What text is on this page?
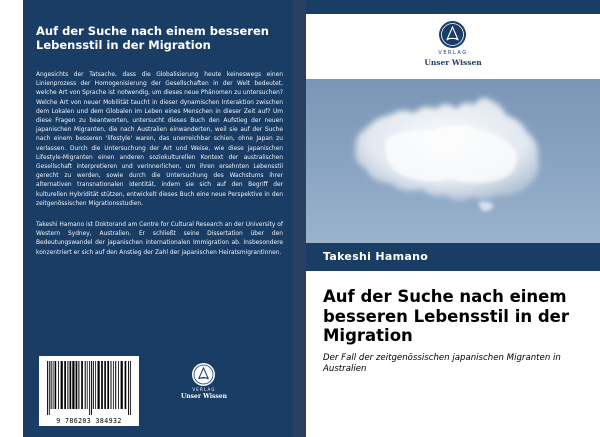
Auf der Suche nach einem besseren Lebensstil in der Migration

Angesichts der Tatsache, dass die Globalisierung heute keineswegs einen Linienprozess der Homogenisierung der Gesellschaften in der Welt bedeutet, welche Art von Sprache ist notwendig, um dieses neue Phänomen zu untersuchen? Welche Art von neuer Mobilität taucht in dieser dynamischen Interaktion zwischen dem Lokalen und dem Globalen im Leben eines Menschen in dieser Zeit auf? Um diese Fragen zu beantworten, untersucht dieses Buch den Aufstieg der neuen japanischen Migranten, die nach Australien einwanderten, weil sie auf der Suche nach einem besseren 'lifestyle' waren, das unerreichbar schien, ohne Japan zu verlassen. Durch die Untersuchung der Art und Weise, wie diese japanischen Lifestyle-Migranten einen anderen soziokulturellen Kontext der australischen Gesellschaft interpretieren und verinnerlichen, um ihren ersehnten Lebensstil gerecht zu werden, sowie durch die Untersuchung des Wachstums ihrer alternativen transnationalen Identität, indem sie sich auf den Begriff der kulturellen Hybridität stützen, entwickelt dieses Buch eine neue Perspektive in den zeitgenössischen Migrationsstudien.

Takeshi Hamano ist Doktorand am Centre for Cultural Research an der University of Western Sydney, Australien. Er schließt seine Dissertation über den Bedeutungswandel der japanischen internationalen Immigration ab. Insbesondere konzentriert er sich auf den Anstieg der Zahl der japanischen Heiratsmigrantinnen.

9 786203 384932
VERLAG
Unser Wissen
VERLAG
Unser Wissen
Takeshi Hamano
Auf der Suche nach einem besseren Lebensstil in der Migration

Der Fall der zeitgenössischen japanischen Migranten in Australien
